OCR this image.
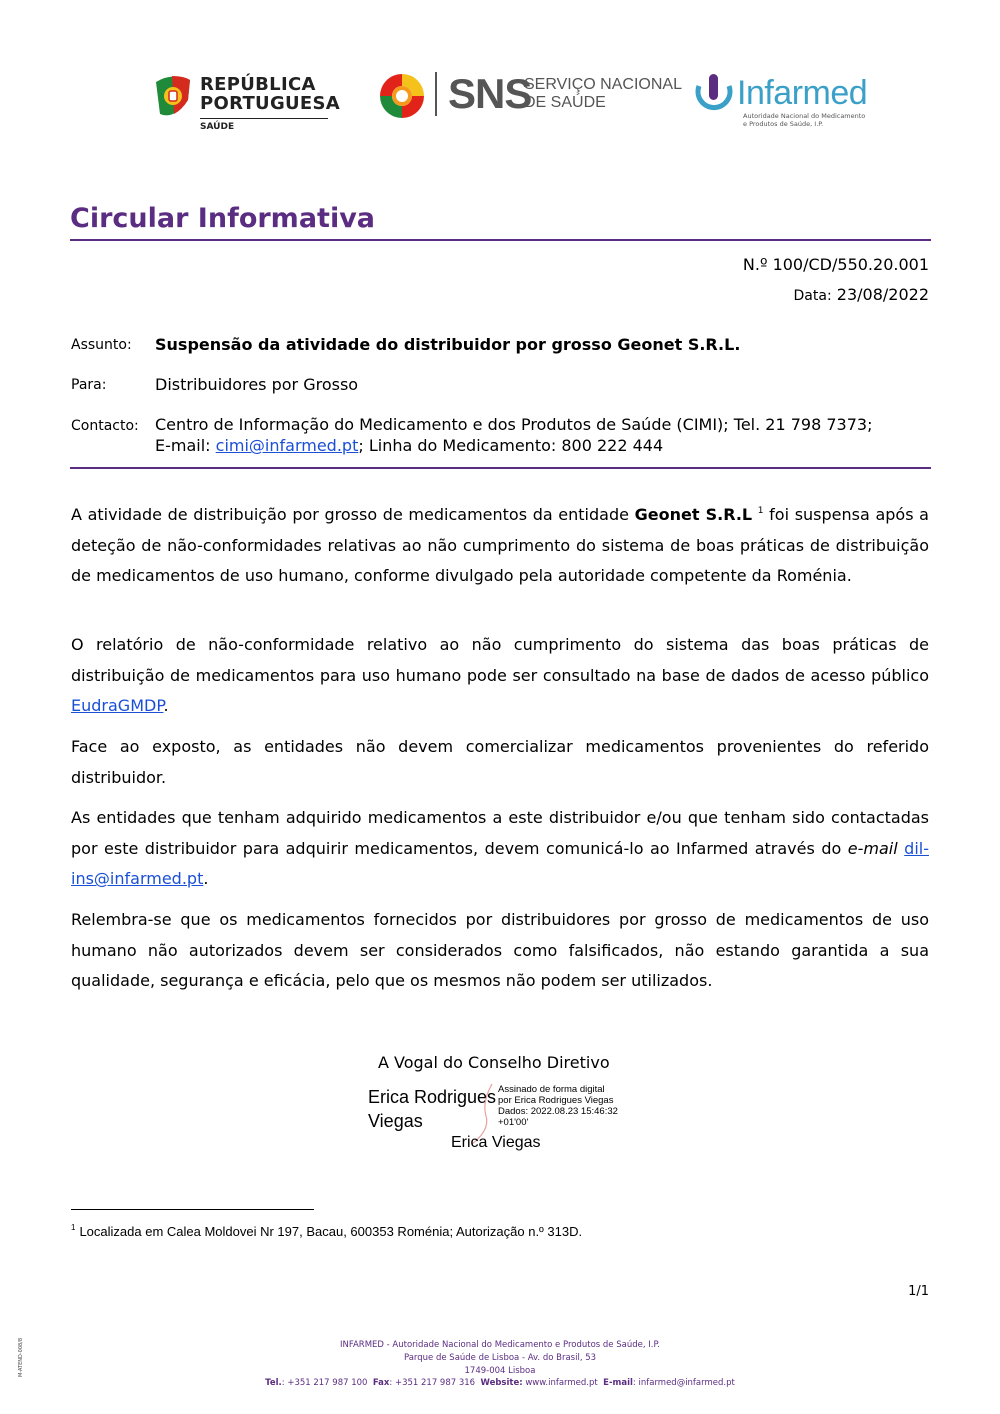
REPÚBLICA
PORTUGUESA
SAÚDE
SNS
SERVIÇO NACIONAL
DE SAÚDE	Infarmed
Autoridade Nacional do Medicamento
e Produtos de Saúde, I.P.
Circular Informativa
N.º 100/CD/550.20.001
Data: 23/08/2022
Assunto: Suspensão da atividade do distribuidor por grosso Geonet S.R.L.
Para:	Distribuidores por Grosso
Contacto: Centro de Informação do Medicamento e dos Produtos de Saúde (CIMI); Tel. 21 798 7373;
E-mail: cimi@infarmed.pt; Linha do Medicamento: 800 222 444

A atividade de distribuição por grosso de medicamentos da entidade Geonet S.R.L $^1$ foi suspensa após a deteção de não-conformidades relativas ao não cumprimento do sistema de boas práticas de distribuição de medicamentos de uso humano, conforme divulgado pela autoridade competente da Roménia.

O relatório de não-conformidade relativo ao não cumprimento do sistema das boas práticas de distribuição de medicamentos para uso humano pode ser consultado na base de dados de acesso público EudraGMDP.

Face ao exposto, as entidades não devem comercializar medicamentos provenientes do referido distribuidor.

As entidades que tenham adquirido medicamentos a este distribuidor e/ou que tenham sido contactadas por este distribuidor para adquirir medicamentos, devem comunicá-lo ao Infarmed através do e-mail dil-ins@infarmed.pt.

Relembra-se que os medicamentos fornecidos por distribuidores por grosso de medicamentos de uso humano não autorizados devem ser considerados como falsificados, não estando garantida a sua qualidade, segurança e eficácia, pelo que os mesmos não podem ser utilizados.

A Vogal do Conselho Diretivo
Erica Rodrigues
Viegas
Assinado de forma digital
por Erica Rodrigues Viegas
Dados: 2022.08.23 15:46:32
+01'00'
Erica Viegas
$^1$ Localizada em Calea Moldovei Nr 197, Bacau, 600353 Roménia; Autorização n.º 313D.
1/1
M-ATEND-008/8	INFARMED - Autoridade Nacional do Medicamento e Produtos de Saúde, I.P.
Parque de Saúde de Lisboa - Av. do Brasil, 53
1749-004 Lisboa
Tel.: +351 217 987 100 Fax: +351 217 987 316 Website: www.infarmed.pt E-mail: infarmed@infarmed.pt
